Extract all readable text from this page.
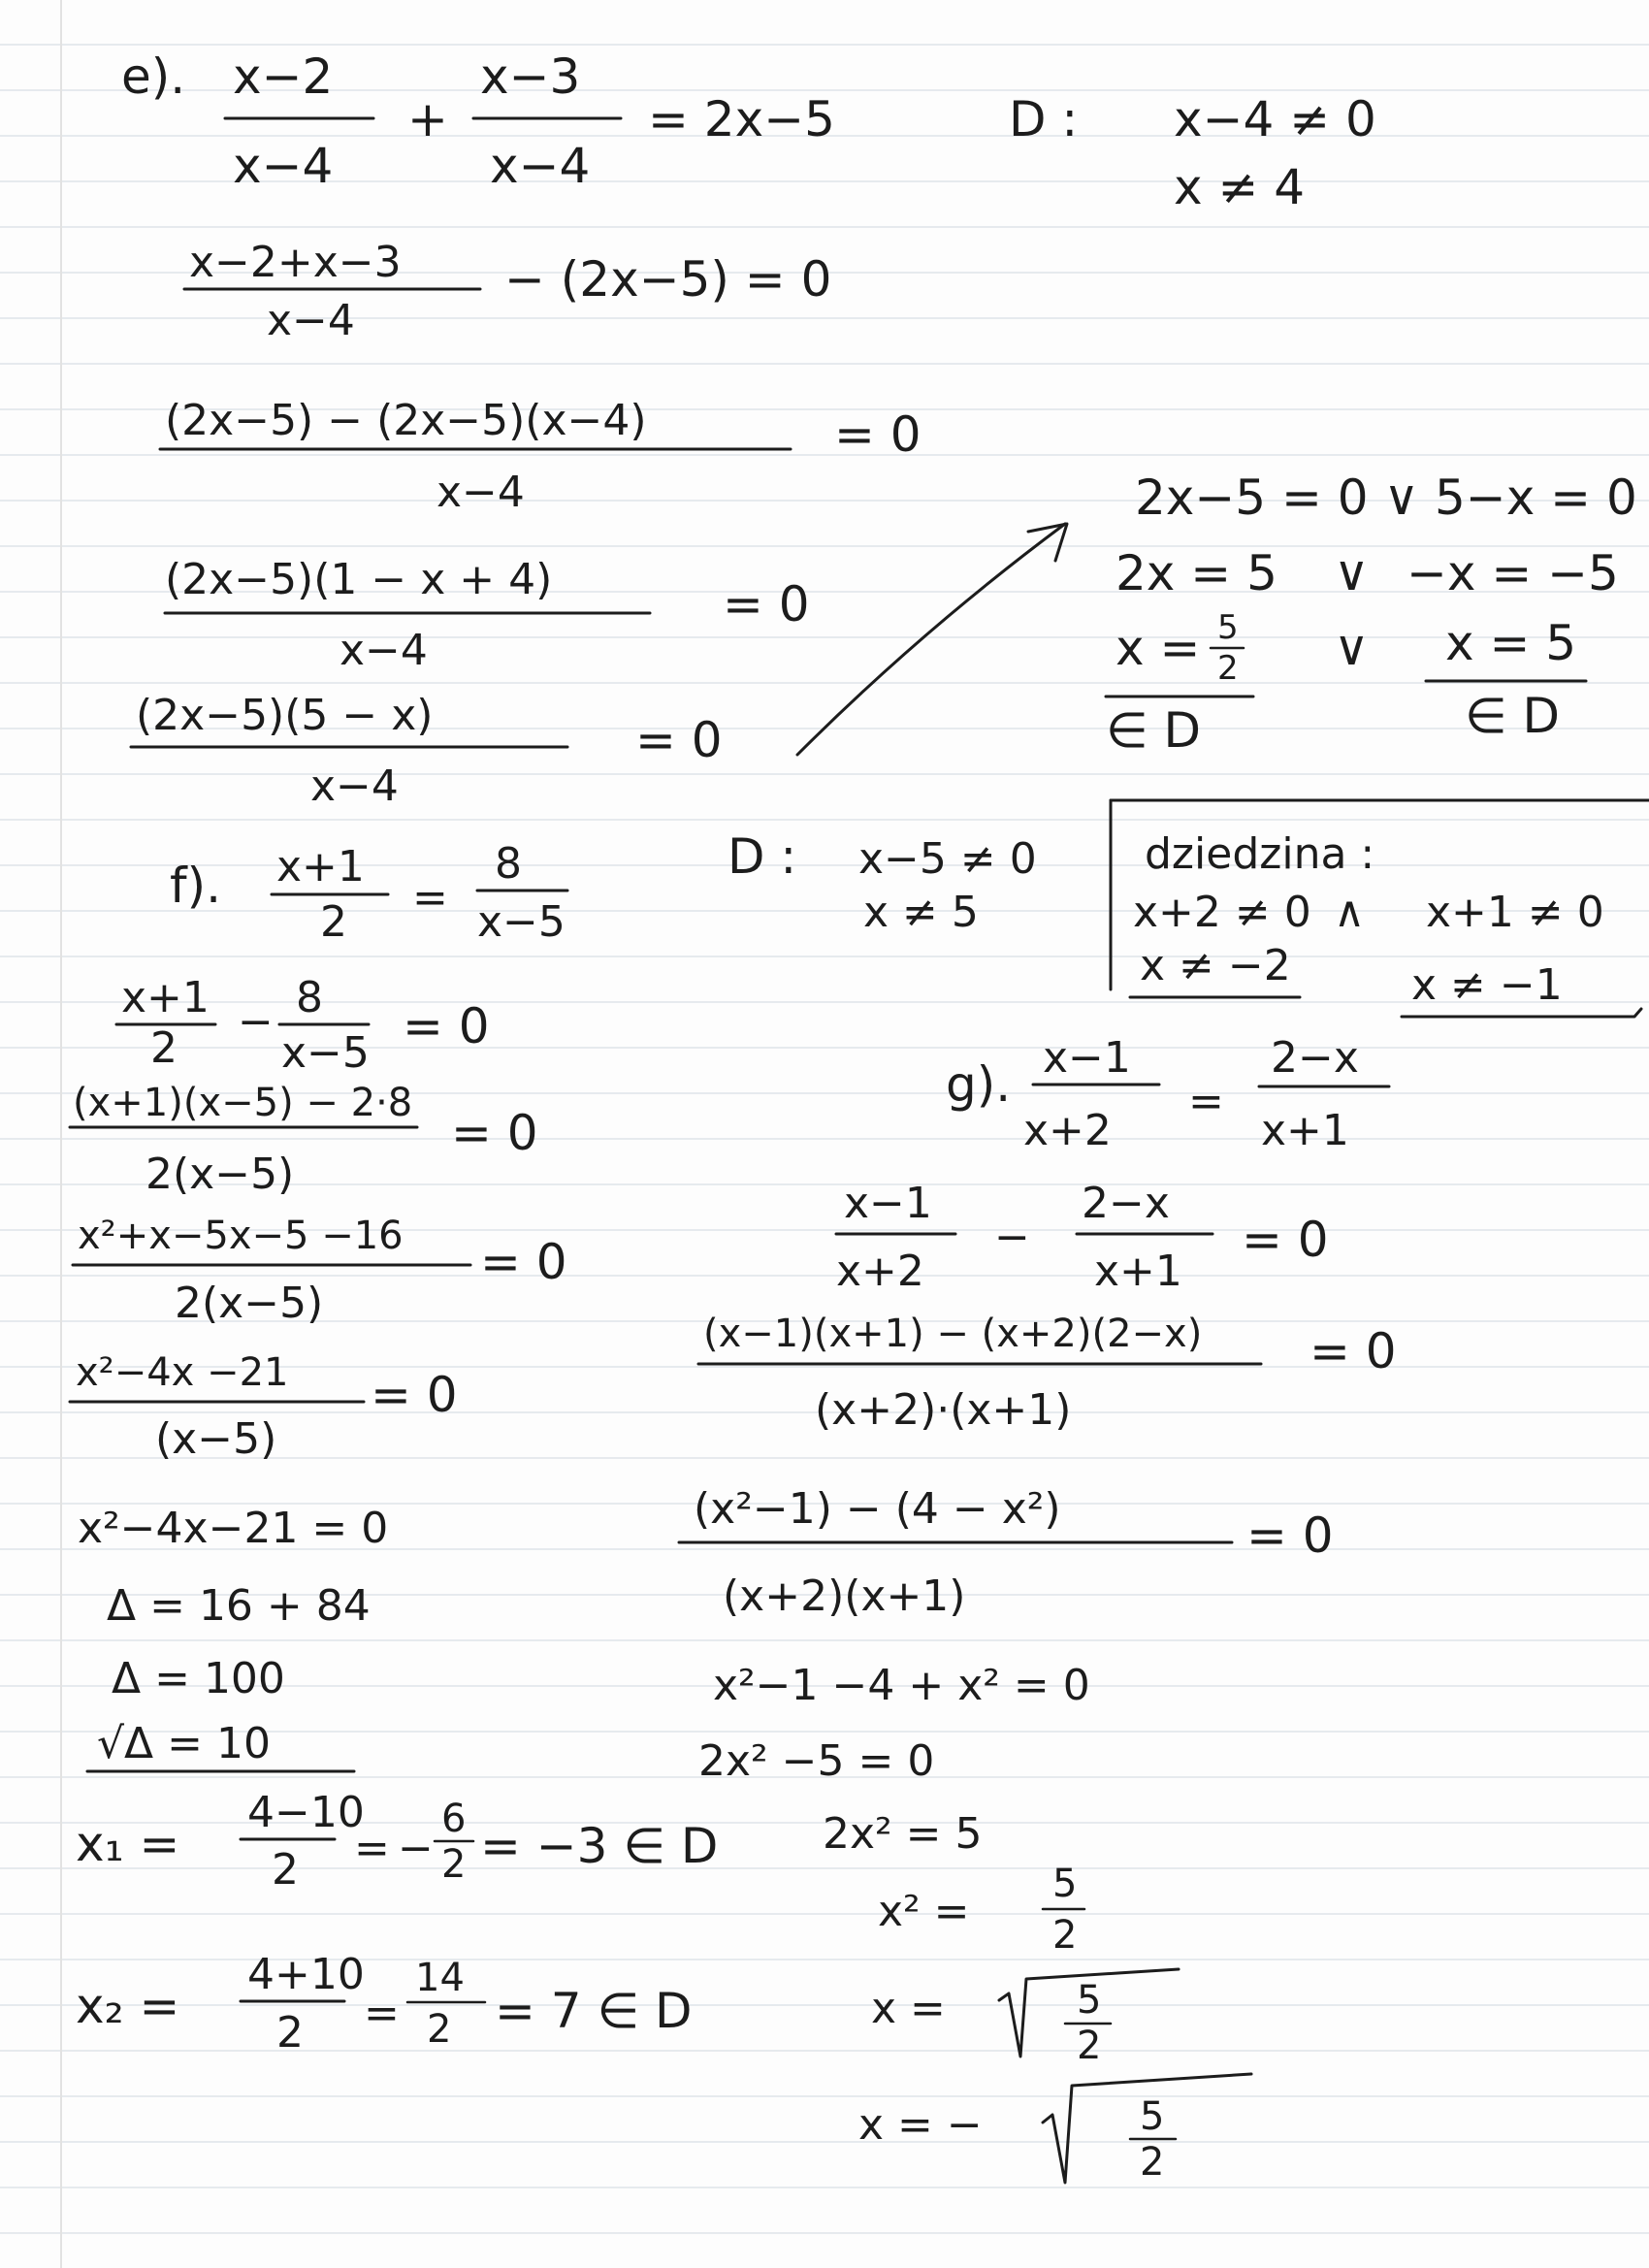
e). x−2
x−4
+
x−3
x−4
= 2x−5	D : x−4 ≠ 0
x ≠ 4
x−2+x−3
x−4
− (2x−5) = 0
(2x−5) − (2x−5)(x−4)
x−4
= 0
(2x−5)(1 − x + 4)
x−4
= 0
(2x−5)(5 − x)
x−4
= 0
2x−5 = 0 ∨ 5−x = 0
2x = 5 ∨ −x = −5
x = 5
2 ∨ x = 5
∈ D	∈ D
f). x+1
2 =
8
x−5
D : x−5 ≠ 0
x ≠ 5
x+1
2
− 8
x−5 = 0
(x+1)(x−5) − 2·8
2(x−5)
= 0
x²+x−5x−5 −16
2(x−5)
= 0
x²−4x −21
(x−5)
= 0
x²−4x−21 = 0
Δ = 16 + 84
Δ = 100
√Δ = 10
x₁ =
4−10
2 = −
6
2 = −3 ∈ D
x₂ =
4+10
2 =
14
2 = 7 ∈ D
dziedzina :
x+2 ≠ 0 ∧ x+1 ≠ 0
x ≠ −2	x ≠ −1
g). x−1
x+2
=
2−x
x+1
x−1
x+2
−
2−x
x+1
= 0
(x−1)(x+1) − (x+2)(2−x)
(x+2)·(x+1)
= 0
(x²−1) − (4 − x²)
(x+2)(x+1)
= 0
x²−1 −4 + x² = 0
2x² −5 = 0
2x² = 5
x² =
5
2
x =	5
2
x = −	5
2
